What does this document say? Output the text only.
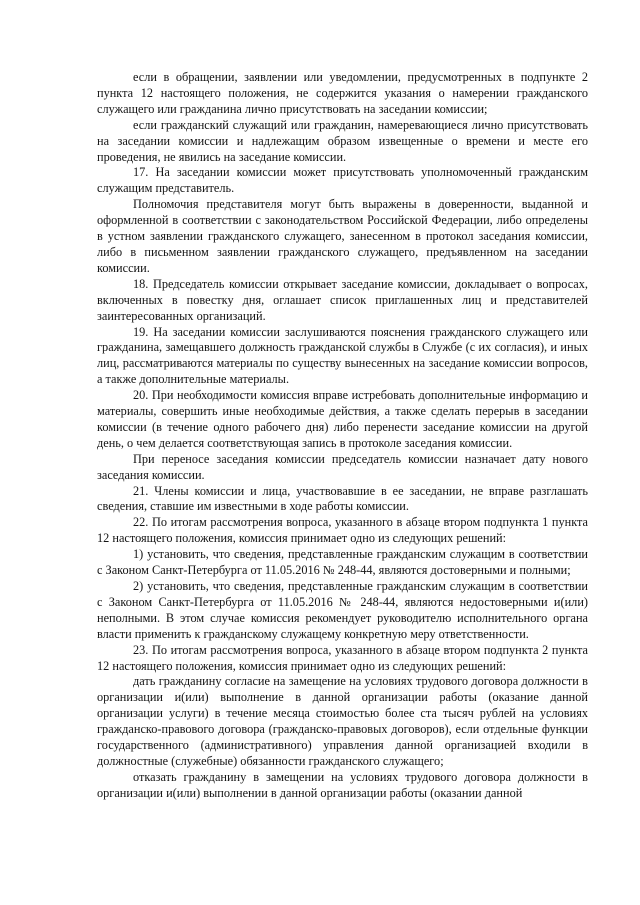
если в обращении, заявлении или уведомлении, предусмотренных в подпункте 2 пункта 12 настоящего положения, не содержится указания о намерении гражданского служащего или гражданина лично присутствовать на заседании комиссии;

если гражданский служащий или гражданин, намеревающиеся лично присутствовать на заседании комиссии и надлежащим образом извещенные о времени и месте его проведения, не явились на заседание комиссии.

17. На заседании комиссии может присутствовать уполномоченный гражданским служащим представитель.

Полномочия представителя могут быть выражены в доверенности, выданной и оформленной в соответствии с законодательством Российской Федерации, либо определены в устном заявлении гражданского служащего, занесенном в протокол заседания комиссии, либо в письменном заявлении гражданского служащего, предъявленном на заседании комиссии.

18. Председатель комиссии открывает заседание комиссии, докладывает о вопросах, включенных в повестку дня, оглашает список приглашенных лиц и представителей заинтересованных организаций.

19. На заседании комиссии заслушиваются пояснения гражданского служащего или гражданина, замещавшего должность гражданской службы в Службе (с их согласия), и иных лиц, рассматриваются материалы по существу вынесенных на заседание комиссии вопросов, а также дополнительные материалы.

20. При необходимости комиссия вправе истребовать дополнительные информацию и материалы, совершить иные необходимые действия, а также сделать перерыв в заседании комиссии (в течение одного рабочего дня) либо перенести заседание комиссии на другой день, о чем делается соответствующая запись в протоколе заседания комиссии.

При переносе заседания комиссии председатель комиссии назначает дату нового заседания комиссии.

21. Члены комиссии и лица, участвовавшие в ее заседании, не вправе разглашать сведения, ставшие им известными в ходе работы комиссии.

22. По итогам рассмотрения вопроса, указанного в абзаце втором подпункта 1 пункта 12 настоящего положения, комиссия принимает одно из следующих решений:

1) установить, что сведения, представленные гражданским служащим в соответствии с Законом Санкт-Петербурга от 11.05.2016 № 248-44, являются достоверными и полными;

2) установить, что сведения, представленные гражданским служащим в соответствии с Законом Санкт-Петербурга от 11.05.2016 № 248-44, являются недостоверными и(или) неполными. В этом случае комиссия рекомендует руководителю исполнительного органа власти применить к гражданскому служащему конкретную меру ответственности.

23. По итогам рассмотрения вопроса, указанного в абзаце втором подпункта 2 пункта 12 настоящего положения, комиссия принимает одно из следующих решений:

дать гражданину согласие на замещение на условиях трудового договора должности в организации и(или) выполнение в данной организации работы (оказание данной организации услуги) в течение месяца стоимостью более ста тысяч рублей на условиях гражданско-правового договора (гражданско-правовых договоров), если отдельные функции государственного (административного) управления данной организацией входили в должностные (служебные) обязанности гражданского служащего;

отказать гражданину в замещении на условиях трудового договора должности в организации и(или) выполнении в данной организации работы (оказании данной
